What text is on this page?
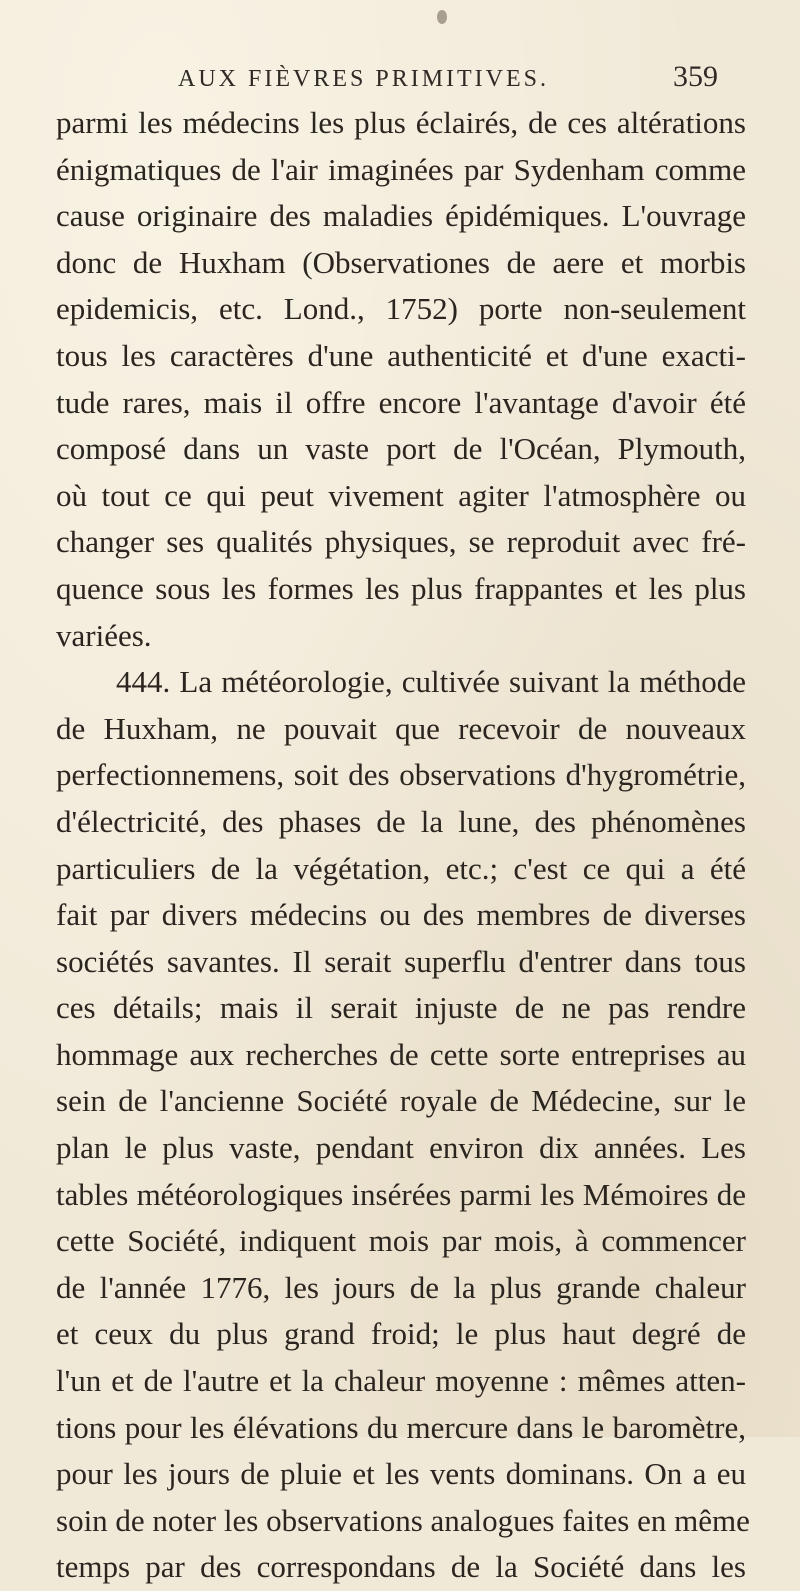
AUX FIÈVRES PRIMITIVES.	359
parmi les médecins les plus éclairés, de ces altérations
énigmatiques de l'air imaginées par Sydenham comme
cause originaire des maladies épidémiques. L'ouvrage
donc de Huxham (Observationes de aere et morbis
epidemicis, etc. Lond., 1752) porte non-seulement
tous les caractères d'une authenticité et d'une exacti-
tude rares, mais il offre encore l'avantage d'avoir été
composé dans un vaste port de l'Océan, Plymouth,
où tout ce qui peut vivement agiter l'atmosphère ou
changer ses qualités physiques, se reproduit avec fré-
quence sous les formes les plus frappantes et les plus
variées.
444. La météorologie, cultivée suivant la méthode
de Huxham, ne pouvait que recevoir de nouveaux
perfectionnemens, soit des observations d'hygrométrie,
d'électricité, des phases de la lune, des phénomènes
particuliers de la végétation, etc.; c'est ce qui a été
fait par divers médecins ou des membres de diverses
sociétés savantes. Il serait superflu d'entrer dans tous
ces détails; mais il serait injuste de ne pas rendre
hommage aux recherches de cette sorte entreprises au
sein de l'ancienne Société royale de Médecine, sur le
plan le plus vaste, pendant environ dix années. Les
tables météorologiques insérées parmi les Mémoires de
cette Société, indiquent mois par mois, à commencer
de l'année 1776, les jours de la plus grande chaleur
et ceux du plus grand froid; le plus haut degré de
l'un et de l'autre et la chaleur moyenne : mêmes atten-
tions pour les élévations du mercure dans le baromètre,
pour les jours de pluie et les vents dominans. On a eu
soin de noter les observations analogues faites en même
temps par des correspondans de la Société dans les
